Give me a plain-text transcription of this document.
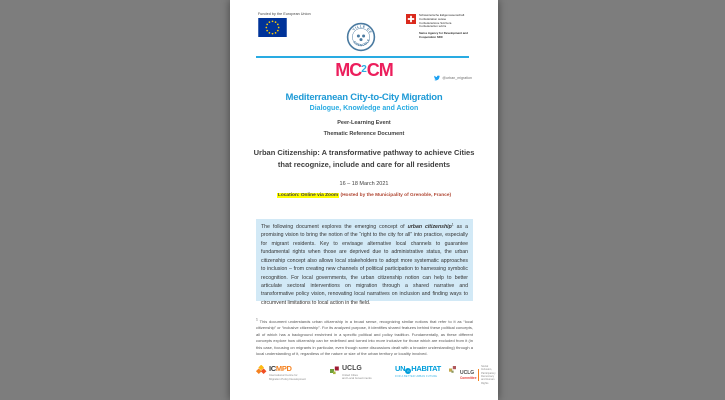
Funded by the European Union
VILLE DE
GRENOBLE
Schweizerische Eidgenossenschaft
Confédération suisse
Confederazione Svizzera
Confederaziun svizra
Swiss Agency for Development and Cooperation SDC
$MC^2CM$	@urban_migration
Mediterranean City-to-City Migration
Dialogue, Knowledge and Action
Peer-Learning Event
Thematic Reference Document
Urban Citizenship: A transformative pathway to achieve Cities
that recognize, include and care for all residents
16 – 18 March 2021
Location: Online via Zoom (Hosted by the Municipality of Grenoble, France)

The following document explores the emerging concept of urban citizenship$^1$ as a promising vision to bring the notion of the “right to the city for all” into practice, especially for migrant residents. Key to envisage alternative local channels to guarantee fundamental rights when those are deprived due to administrative status, the urban citizenship concept also allows local stakeholders to adopt more systematic approaches to inclusion – from creating new channels of political participation to harnessing symbolic recognition. For local governments, the urban citizenship notion can help to better articulate sectoral interventions on migration through a shared narrative and transformative policy vision, renovating local narratives on inclusion and finding ways to circumvent limitations to local action in the field.

$^1$ This document understands urban citizenship in a broad sense, recognizing similar notions that refer to it as “local citizenship” or “inclusive citizenship”. For its analyzed purpose, it identifies shared features behind these political concepts, all of which has a background enshrined in a specific political and policy tradition. Fundamentally, as these different concepts explore how citizenship can be redefined and turned into more inclusive for those which are excluded from it (in this case, focusing on migrants in particular, even though some discussions dealt with a broader understanding) through a local understanding of it, regardless of the nature or size of the urban territory or locality involved.
ICMPD
International Centre for
Migration Policy Development
UCLG
United Cities
and Local Governments
UN ⌂ HABITAT
FOR A BETTER URBAN FUTURE
UCLG
Committee
Social Inclusion,
Participatory Democracy
and Human Rights
